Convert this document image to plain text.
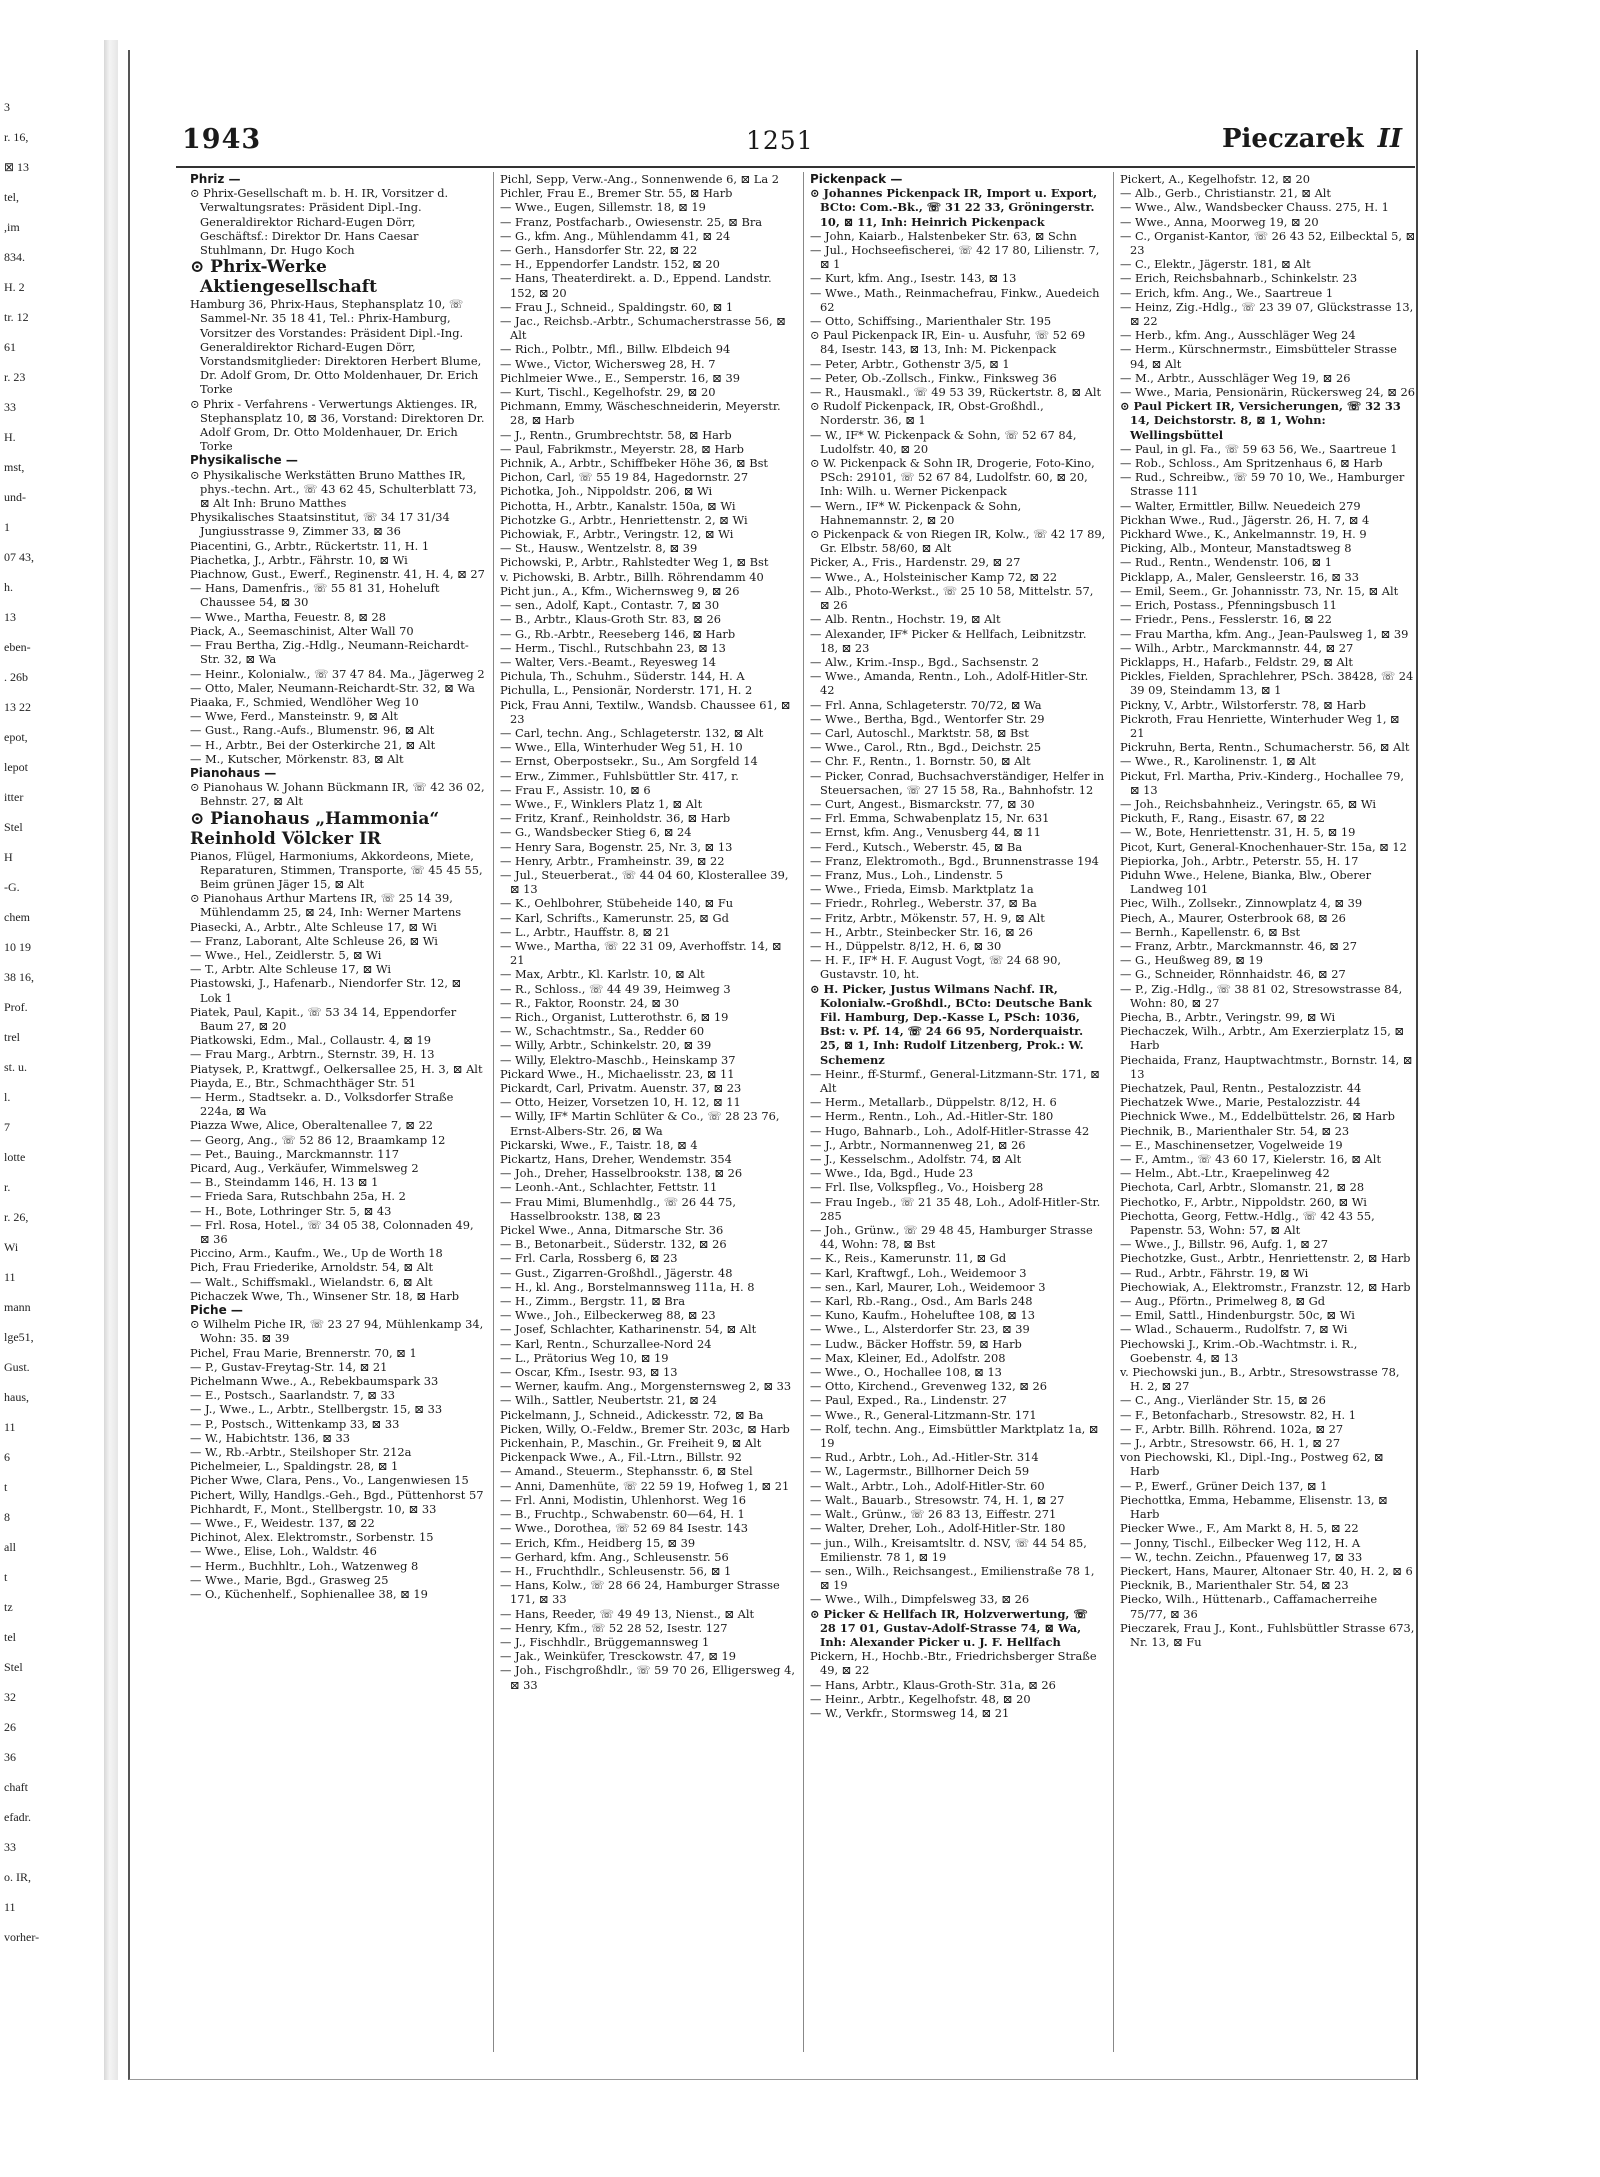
3
r. 16,
⊠ 13
tel,
,im
834.
H. 2
tr. 12
61
r. 23
33
H.
mst,
und-
1
07 43,
h.
13
eben-
. 26b
13 22
epot,
lepot
itter
Stel
H
-G.
chem
10 19
38 16,
Prof.
trel
st. u.
l.
7
lotte
r.
r. 26,
Wi
11
mann
lge51,
Gust.
haus,
11
6
t
8
all
t
tz
tel
Stel
32
26
36
chaft
efadr.
33
o. IR,
11
vorher-
1943	1251	Pieczarek II

Phriz —

⊙ Phrix-Gesellschaft m. b. H. IR, Vorsitzer d. Verwaltungsrates: Präsident Dipl.-Ing. Generaldirektor Richard-Eugen Dörr, Geschäftsf.: Direktor Dr. Hans Caesar Stuhlmann, Dr. Hugo Koch

⊙ Phrix-Werke Aktiengesellschaft

Hamburg 36, Phrix-Haus, Stephansplatz 10, ☏ Sammel-Nr. 35 18 41, Tel.: Phrix-Hamburg, Vorsitzer des Vorstandes: Präsident Dipl.-Ing. Generaldirektor Richard-Eugen Dörr, Vorstandsmitglieder: Direktoren Herbert Blume, Dr. Adolf Grom, Dr. Otto Moldenhauer, Dr. Erich Torke

⊙ Phrix - Verfahrens - Verwertungs Aktienges. IR, Stephansplatz 10, ⊠ 36, Vorstand: Direktoren Dr. Adolf Grom, Dr. Otto Moldenhauer, Dr. Erich Torke

Physikalische —

⊙ Physikalische Werkstätten Bruno Matthes IR, phys.-techn. Art., ☏ 43 62 45, Schulterblatt 73, ⊠ Alt Inh: Bruno Matthes

Physikalisches Staatsinstitut, ☏ 34 17 31/34 Jungiusstrasse 9, Zimmer 33, ⊠ 36

Piacentini, G., Arbtr., Rückertstr. 11, H. 1

Piachetka, J., Arbtr., Fährstr. 10, ⊠ Wi

Piachnow, Gust., Ewerf., Reginenstr. 41, H. 4, ⊠ 27

— Hans, Damenfris., ☏ 55 81 31, Hoheluft Chaussee 54, ⊠ 30

— Wwe., Martha, Feuestr. 8, ⊠ 28

Piack, A., Seemaschinist, Alter Wall 70

— Frau Bertha, Zig.-Hdlg., Neumann-Reichardt-Str. 32, ⊠ Wa

— Heinr., Kolonialw., ☏ 37 47 84. Ma., Jägerweg 2

— Otto, Maler, Neumann-Reichardt-Str. 32, ⊠ Wa

Piaaka, F., Schmied, Wendlöher Weg 10

— Wwe, Ferd., Mansteinstr. 9, ⊠ Alt

— Gust., Rang.-Aufs., Blumenstr. 96, ⊠ Alt

— H., Arbtr., Bei der Osterkirche 21, ⊠ Alt

— M., Kutscher, Mörkenstr. 83, ⊠ Alt

Pianohaus —

⊙ Pianohaus W. Johann Bückmann IR, ☏ 42 36 02, Behnstr. 27, ⊠ Alt

⊙ Pianohaus „Hammonia“

Reinhold Völcker IR

Pianos, Flügel, Harmoniums, Akkordeons, Miete, Reparaturen, Stimmen, Transporte, ☏ 45 45 55, Beim grünen Jäger 15, ⊠ Alt

⊙ Pianohaus Arthur Martens IR, ☏ 25 14 39, Mühlendamm 25, ⊠ 24, Inh: Werner Martens

Piasecki, A., Arbtr., Alte Schleuse 17, ⊠ Wi

— Franz, Laborant, Alte Schleuse 26, ⊠ Wi

— Wwe., Hel., Zeidlerstr. 5, ⊠ Wi

— T., Arbtr. Alte Schleuse 17, ⊠ Wi

Piastowski, J., Hafenarb., Niendorfer Str. 12, ⊠ Lok 1

Piatek, Paul, Kapit., ☏ 53 34 14, Eppendorfer Baum 27, ⊠ 20

Piatkowski, Edm., Mal., Collaustr. 4, ⊠ 19

— Frau Marg., Arbtrn., Sternstr. 39, H. 13

Piatysek, P., Krattwgf., Oelkersallee 25, H. 3, ⊠ Alt

Piayda, E., Btr., Schmachthäger Str. 51

— Herm., Stadtsekr. a. D., Volksdorfer Straße 224a, ⊠ Wa

Piazza Wwe, Alice, Oberaltenallee 7, ⊠ 22

— Georg, Ang., ☏ 52 86 12, Braamkamp 12

— Pet., Bauing., Marckmannstr. 117

Picard, Aug., Verkäufer, Wimmelsweg 2

— B., Steindamm 146, H. 13 ⊠ 1

— Frieda Sara, Rutschbahn 25a, H. 2

— H., Bote, Lothringer Str. 5, ⊠ 43

— Frl. Rosa, Hotel., ☏ 34 05 38, Colonnaden 49, ⊠ 36

Piccino, Arm., Kaufm., We., Up de Worth 18

Pich, Frau Friederike, Arnoldstr. 54, ⊠ Alt

— Walt., Schiffsmakl., Wielandstr. 6, ⊠ Alt

Pichaczek Wwe, Th., Winsener Str. 18, ⊠ Harb

Piche —

⊙ Wilhelm Piche IR, ☏ 23 27 94, Mühlenkamp 34, Wohn: 35. ⊠ 39

Pichel, Frau Marie, Brennerstr. 70, ⊠ 1

— P., Gustav-Freytag-Str. 14, ⊠ 21

Pichelmann Wwe., A., Rebekbaumspark 33

— E., Postsch., Saarlandstr. 7, ⊠ 33

— J., Wwe., L., Arbtr., Stellbergstr. 15, ⊠ 33

— P., Postsch., Wittenkamp 33, ⊠ 33

— W., Habichtstr. 136, ⊠ 33

— W., Rb.-Arbtr., Steilshoper Str. 212a

Pichelmeier, L., Spaldingstr. 28, ⊠ 1

Picher Wwe, Clara, Pens., Vo., Langenwiesen 15

Pichert, Willy, Handlgs.-Geh., Bgd., Püttenhorst 57

Pichhardt, F., Mont., Stellbergstr. 10, ⊠ 33

— Wwe., F., Weidestr. 137, ⊠ 22

Pichinot, Alex. Elektromstr., Sorbenstr. 15

— Wwe., Elise, Loh., Waldstr. 46

— Herm., Buchhltr., Loh., Watzenweg 8

— Wwe., Marie, Bgd., Grasweg 25

— O., Küchenhelf., Sophienallee 38, ⊠ 19

Pichl, Sepp, Verw.-Ang., Sonnenwende 6, ⊠ La 2

Pichler, Frau E., Bremer Str. 55, ⊠ Harb

— Wwe., Eugen, Sillemstr. 18, ⊠ 19

— Franz, Postfacharb., Owiesenstr. 25, ⊠ Bra

— G., kfm. Ang., Mühlendamm 41, ⊠ 24

— Gerh., Hansdorfer Str. 22, ⊠ 22

— H., Eppendorfer Landstr. 152, ⊠ 20

— Hans, Theaterdirekt. a. D., Eppend. Landstr. 152, ⊠ 20

— Frau J., Schneid., Spaldingstr. 60, ⊠ 1

— Jac., Reichsb.-Arbtr., Schumacherstrasse 56, ⊠ Alt

— Rich., Polbtr., Mfl., Billw. Elbdeich 94

— Wwe., Victor, Wichersweg 28, H. 7

Pichlmeier Wwe., E., Semperstr. 16, ⊠ 39

— Kurt, Tischl., Kegelhofstr. 29, ⊠ 20

Pichmann, Emmy, Wäscheschneiderin, Meyerstr. 28, ⊠ Harb

— J., Rentn., Grumbrechtstr. 58, ⊠ Harb

— Paul, Fabrikmstr., Meyerstr. 28, ⊠ Harb

Pichnik, A., Arbtr., Schiffbeker Höhe 36, ⊠ Bst

Pichon, Carl, ☏ 55 19 84, Hagedornstr. 27

Pichotka, Joh., Nippoldstr. 206, ⊠ Wi

Pichotta, H., Arbtr., Kanalstr. 150a, ⊠ Wi

Pichotzke G., Arbtr., Henriettenstr. 2, ⊠ Wi

Pichowiak, F., Arbtr., Veringstr. 12, ⊠ Wi

— St., Hausw., Wentzelstr. 8, ⊠ 39

Pichowski, P., Arbtr., Rahlstedter Weg 1, ⊠ Bst

v. Pichowski, B. Arbtr., Billh. Röhrendamm 40

Picht jun., A., Kfm., Wichernsweg 9, ⊠ 26

— sen., Adolf, Kapt., Contastr. 7, ⊠ 30

— B., Arbtr., Klaus-Groth Str. 83, ⊠ 26

— G., Rb.-Arbtr., Reeseberg 146, ⊠ Harb

— Herm., Tischl., Rutschbahn 23, ⊠ 13

— Walter, Vers.-Beamt., Reyesweg 14

Pichula, Th., Schuhm., Süderstr. 144, H. A

Pichulla, L., Pensionär, Norderstr. 171, H. 2

Pick, Frau Anni, Textilw., Wandsb. Chaussee 61, ⊠ 23

— Carl, techn. Ang., Schlageterstr. 132, ⊠ Alt

— Wwe., Ella, Winterhuder Weg 51, H. 10

— Ernst, Oberpostsekr., Su., Am Sorgfeld 14

— Erw., Zimmer., Fuhlsbüttler Str. 417, r.

— Frau F., Assistr. 10, ⊠ 6

— Wwe., F., Winklers Platz 1, ⊠ Alt

— Fritz, Kranf., Reinholdstr. 36, ⊠ Harb

— G., Wandsbecker Stieg 6, ⊠ 24

— Henry Sara, Bogenstr. 25, Nr. 3, ⊠ 13

— Henry, Arbtr., Framheinstr. 39, ⊠ 22

— Jul., Steuerberat., ☏ 44 04 60, Klosterallee 39, ⊠ 13

— K., Oehlbohrer, Stübeheide 140, ⊠ Fu

— Karl, Schrifts., Kamerunstr. 25, ⊠ Gd

— L., Arbtr., Hauffstr. 8, ⊠ 21

— Wwe., Martha, ☏ 22 31 09, Averhoffstr. 14, ⊠ 21

— Max, Arbtr., Kl. Karlstr. 10, ⊠ Alt

— R., Schloss., ☏ 44 49 39, Heimweg 3

— R., Faktor, Roonstr. 24, ⊠ 30

— Rich., Organist, Lutterothstr. 6, ⊠ 19

— W., Schachtmstr., Sa., Redder 60

— Willy, Arbtr., Schinkelstr. 20, ⊠ 39

— Willy, Elektro-Maschb., Heinskamp 37

Pickard Wwe., H., Michaelisstr. 23, ⊠ 11

Pickardt, Carl, Privatm. Auenstr. 37, ⊠ 23

— Otto, Heizer, Vorsetzen 10, H. 12, ⊠ 11

— Willy, IF* Martin Schlüter & Co., ☏ 28 23 76, Ernst-Albers-Str. 26, ⊠ Wa

Pickarski, Wwe., F., Taistr. 18, ⊠ 4

Pickartz, Hans, Dreher, Wendemstr. 354

— Joh., Dreher, Hasselbrookstr. 138, ⊠ 26

— Leonh.-Ant., Schlachter, Fettstr. 11

— Frau Mimi, Blumenhdlg., ☏ 26 44 75, Hasselbrookstr. 138, ⊠ 23

Pickel Wwe., Anna, Ditmarsche Str. 36

— B., Betonarbeit., Süderstr. 132, ⊠ 26

— Frl. Carla, Rossberg 6, ⊠ 23

— Gust., Zigarren-Großhdl., Jägerstr. 48

— H., kl. Ang., Borstelmannsweg 111a, H. 8

— H., Zimm., Bergstr. 11, ⊠ Bra

— Wwe., Joh., Eilbeckerweg 88, ⊠ 23

— Josef, Schlachter, Katharinenstr. 54, ⊠ Alt

— Karl, Rentn., Schurzallee-Nord 24

— L., Prätorius Weg 10, ⊠ 19

— Oscar, Kfm., Isestr. 93, ⊠ 13

— Werner, kaufm. Ang., Morgensternsweg 2, ⊠ 33

— Wilh., Sattler, Neubertstr. 21, ⊠ 24

Pickelmann, J., Schneid., Adickesstr. 72, ⊠ Ba

Picken, Willy, O.-Feldw., Bremer Str. 203c, ⊠ Harb

Pickenhain, P., Maschin., Gr. Freiheit 9, ⊠ Alt

Pickenpack Wwe., A., Fil.-Ltrn., Billstr. 92

— Amand., Steuerm., Stephansstr. 6, ⊠ Stel

— Anni, Damenhüte, ☏ 22 59 19, Hofweg 1, ⊠ 21

— Frl. Anni, Modistin, Uhlenhorst. Weg 16

— B., Fruchtp., Schwabenstr. 60—64, H. 1

— Wwe., Dorothea, ☏ 52 69 84 Isestr. 143

— Erich, Kfm., Heidberg 15, ⊠ 39

— Gerhard, kfm. Ang., Schleusenstr. 56

— H., Fruchthdlr., Schleusenstr. 56, ⊠ 1

— Hans, Kolw., ☏ 28 66 24, Hamburger Strasse 171, ⊠ 33

— Hans, Reeder, ☏ 49 49 13, Nienst., ⊠ Alt

— Henry, Kfm., ☏ 52 28 52, Isestr. 127

— J., Fischhdlr., Brüggemannsweg 1

— Jak., Weinküfer, Tresckowstr. 47, ⊠ 19

— Joh., Fischgroßhdlr., ☏ 59 70 26, Elligersweg 4, ⊠ 33

Pickenpack —

⊙ Johannes Pickenpack IR, Import u. Export, BCto: Com.-Bk., ☏ 31 22 33, Gröningerstr. 10, ⊠ 11, Inh: Heinrich Pickenpack

— John, Kaiarb., Halstenbeker Str. 63, ⊠ Schn

— Jul., Hochseefischerei, ☏ 42 17 80, Lilienstr. 7, ⊠ 1

— Kurt, kfm. Ang., Isestr. 143, ⊠ 13

— Wwe., Math., Reinmachefrau, Finkw., Auedeich 62

— Otto, Schiffsing., Marienthaler Str. 195

⊙ Paul Pickenpack IR, Ein- u. Ausfuhr, ☏ 52 69 84, Isestr. 143, ⊠ 13, Inh: M. Pickenpack

— Peter, Arbtr., Gothenstr 3/5, ⊠ 1

— Peter, Ob.-Zollsch., Finkw., Finksweg 36

— R., Hausmakl., ☏ 49 53 39, Rückertstr. 8, ⊠ Alt

⊙ Rudolf Pickenpack, IR, Obst-Großhdl., Norderstr. 36, ⊠ 1

— W., IF* W. Pickenpack & Sohn, ☏ 52 67 84, Ludolfstr. 40, ⊠ 20

⊙ W. Pickenpack & Sohn IR, Drogerie, Foto-Kino, PSch: 29101, ☏ 52 67 84, Ludolfstr. 60, ⊠ 20, Inh: Wilh. u. Werner Pickenpack

— Wern., IF* W. Pickenpack & Sohn, Hahnemannstr. 2, ⊠ 20

⊙ Pickenpack & von Riegen IR, Kolw., ☏ 42 17 89, Gr. Elbstr. 58/60, ⊠ Alt

Picker, A., Fris., Hardenstr. 29, ⊠ 27

— Wwe., A., Holsteinischer Kamp 72, ⊠ 22

— Alb., Photo-Werkst., ☏ 25 10 58, Mittelstr. 57, ⊠ 26

— Alb. Rentn., Hochstr. 19, ⊠ Alt

— Alexander, IF* Picker & Hellfach, Leibnitzstr. 18, ⊠ 23

— Alw., Krim.-Insp., Bgd., Sachsenstr. 2

— Wwe., Amanda, Rentn., Loh., Adolf-Hitler-Str. 42

— Frl. Anna, Schlageterstr. 70/72, ⊠ Wa

— Wwe., Bertha, Bgd., Wentorfer Str. 29

— Carl, Autoschl., Marktstr. 58, ⊠ Bst

— Wwe., Carol., Rtn., Bgd., Deichstr. 25

— Chr. F., Rentn., 1. Bornstr. 50, ⊠ Alt

— Picker, Conrad, Buchsachverständiger, Helfer in Steuersachen, ☏ 27 15 58, Ra., Bahnhofstr. 12

— Curt, Angest., Bismarckstr. 77, ⊠ 30

— Frl. Emma, Schwabenplatz 15, Nr. 631

— Ernst, kfm. Ang., Venusberg 44, ⊠ 11

— Ferd., Kutsch., Weberstr. 45, ⊠ Ba

— Franz, Elektromoth., Bgd., Brunnenstrasse 194

— Franz, Mus., Loh., Lindenstr. 5

— Wwe., Frieda, Eimsb. Marktplatz 1a

— Friedr., Rohrleg., Weberstr. 37, ⊠ Ba

— Fritz, Arbtr., Mökenstr. 57, H. 9, ⊠ Alt

— H., Arbtr., Steinbecker Str. 16, ⊠ 26

— H., Düppelstr. 8/12, H. 6, ⊠ 30

— H. F., IF* H. F. August Vogt, ☏ 24 68 90, Gustavstr. 10, ht.

⊙ H. Picker, Justus Wilmans Nachf. IR, Kolonialw.-Großhdl., BCto: Deutsche Bank Fil. Hamburg, Dep.-Kasse L, PSch: 1036, Bst: v. Pf. 14, ☏ 24 66 95, Norderquaistr. 25, ⊠ 1, Inh: Rudolf Litzenberg, Prok.: W. Schemenz

— Heinr., ff-Sturmf., General-Litzmann-Str. 171, ⊠ Alt

— Herm., Metallarb., Düppelstr. 8/12, H. 6

— Herm., Rentn., Loh., Ad.-Hitler-Str. 180

— Hugo, Bahnarb., Loh., Adolf-Hitler-Strasse 42

— J., Arbtr., Normannenweg 21, ⊠ 26

— J., Kesselschm., Adolfstr. 74, ⊠ Alt

— Wwe., Ida, Bgd., Hude 23

— Frl. Ilse, Volkspfleg., Vo., Hoisberg 28

— Frau Ingeb., ☏ 21 35 48, Loh., Adolf-Hitler-Str. 285

— Joh., Grünw., ☏ 29 48 45, Hamburger Strasse 44, Wohn: 78, ⊠ Bst

— K., Reis., Kamerunstr. 11, ⊠ Gd

— Karl, Kraftwgf., Loh., Weidemoor 3

— sen., Karl, Maurer, Loh., Weidemoor 3

— Karl, Rb.-Rang., Osd., Am Barls 248

— Kuno, Kaufm., Hoheluftee 108, ⊠ 13

— Wwe., L., Alsterdorfer Str. 23, ⊠ 39

— Ludw., Bäcker Hoffstr. 59, ⊠ Harb

— Max, Kleiner, Ed., Adolfstr. 208

— Wwe., O., Hochallee 108, ⊠ 13

— Otto, Kirchend., Grevenweg 132, ⊠ 26

— Paul, Exped., Ra., Lindenstr. 27

— Wwe., R., General-Litzmann-Str. 171

— Rolf, techn. Ang., Eimsbüttler Marktplatz 1a, ⊠ 19

— Rud., Arbtr., Loh., Ad.-Hitler-Str. 314

— W., Lagermstr., Billhorner Deich 59

— Walt., Arbtr., Loh., Adolf-Hitler-Str. 60

— Walt., Bauarb., Stresowstr. 74, H. 1, ⊠ 27

— Walt., Grünw., ☏ 26 83 13, Eiffestr. 271

— Walter, Dreher, Loh., Adolf-Hitler-Str. 180

— jun., Wilh., Kreisamtsltr. d. NSV, ☏ 44 54 85, Emilienstr. 78 1, ⊠ 19

— sen., Wilh., Reichsangest., Emilienstraße 78 1, ⊠ 19

— Wwe., Wilh., Dimpfelsweg 33, ⊠ 26

⊙ Picker & Hellfach IR, Holzverwertung, ☏ 28 17 01, Gustav-Adolf-Strasse 74, ⊠ Wa, Inh: Alexander Picker u. J. F. Hellfach

Pickern, H., Hochb.-Btr., Friedrichsberger Straße 49, ⊠ 22

— Hans, Arbtr., Klaus-Groth-Str. 31a, ⊠ 26

— Heinr., Arbtr., Kegelhofstr. 48, ⊠ 20

— W., Verkfr., Stormsweg 14, ⊠ 21

Pickert, A., Kegelhofstr. 12, ⊠ 20

— Alb., Gerb., Christianstr. 21, ⊠ Alt

— Wwe., Alw., Wandsbecker Chauss. 275, H. 1

— Wwe., Anna, Moorweg 19, ⊠ 20

— C., Organist-Kantor, ☏ 26 43 52, Eilbecktal 5, ⊠ 23

— C., Elektr., Jägerstr. 181, ⊠ Alt

— Erich, Reichsbahnarb., Schinkelstr. 23

— Erich, kfm. Ang., We., Saartreue 1

— Heinz, Zig.-Hdlg., ☏ 23 39 07, Glückstrasse 13, ⊠ 22

— Herb., kfm. Ang., Ausschläger Weg 24

— Herm., Kürschnermstr., Eimsbütteler Strasse 94, ⊠ Alt

— M., Arbtr., Ausschläger Weg 19, ⊠ 26

— Wwe., Maria, Pensionärin, Rückersweg 24, ⊠ 26

⊙ Paul Pickert IR, Versicherungen, ☏ 32 33 14, Deichstorstr. 8, ⊠ 1, Wohn: Wellingsbüttel

— Paul, in gl. Fa., ☏ 59 63 56, We., Saartreue 1

— Rob., Schloss., Am Spritzenhaus 6, ⊠ Harb

— Rud., Schreibw., ☏ 59 70 10, We., Hamburger Strasse 111

— Walter, Ermittler, Billw. Neuedeich 279

Pickhan Wwe., Rud., Jägerstr. 26, H. 7, ⊠ 4

Pickhard Wwe., K., Ankelmannstr. 19, H. 9

Picking, Alb., Monteur, Manstadtsweg 8

— Rud., Rentn., Wendenstr. 106, ⊠ 1

Picklapp, A., Maler, Gensleerstr. 16, ⊠ 33

— Emil, Seem., Gr. Johannisstr. 73, Nr. 15, ⊠ Alt

— Erich, Postass., Pfenningsbusch 11

— Friedr., Pens., Fesslerstr. 16, ⊠ 22

— Frau Martha, kfm. Ang., Jean-Paulsweg 1, ⊠ 39

— Wilh., Arbtr., Marckmannstr. 44, ⊠ 27

Picklapps, H., Hafarb., Feldstr. 29, ⊠ Alt

Pickles, Fielden, Sprachlehrer, PSch. 38428, ☏ 24 39 09, Steindamm 13, ⊠ 1

Pickny, V., Arbtr., Wilstorferstr. 78, ⊠ Harb

Pickroth, Frau Henriette, Winterhuder Weg 1, ⊠ 21

Pickruhn, Berta, Rentn., Schumacherstr. 56, ⊠ Alt

— Wwe., R., Karolinenstr. 1, ⊠ Alt

Pickut, Frl. Martha, Priv.-Kinderg., Hochallee 79, ⊠ 13

— Joh., Reichsbahnheiz., Veringstr. 65, ⊠ Wi

Pickuth, F., Rang., Eisastr. 67, ⊠ 22

— W., Bote, Henriettenstr. 31, H. 5, ⊠ 19

Picot, Kurt, General-Knochenhauer-Str. 15a, ⊠ 12

Piepiorka, Joh., Arbtr., Peterstr. 55, H. 17

Piduhn Wwe., Helene, Bianka, Blw., Oberer Landweg 101

Piec, Wilh., Zollsekr., Zinnowplatz 4, ⊠ 39

Piech, A., Maurer, Osterbrook 68, ⊠ 26

— Bernh., Kapellenstr. 6, ⊠ Bst

— Franz, Arbtr., Marckmannstr. 46, ⊠ 27

— G., Heußweg 89, ⊠ 19

— G., Schneider, Rönnhaidstr. 46, ⊠ 27

— P., Zig.-Hdlg., ☏ 38 81 02, Stresowstrasse 84, Wohn: 80, ⊠ 27

Piecha, B., Arbtr., Veringstr. 99, ⊠ Wi

Piechaczek, Wilh., Arbtr., Am Exerzierplatz 15, ⊠ Harb

Piechaida, Franz, Hauptwachtmstr., Bornstr. 14, ⊠ 13

Piechatzek, Paul, Rentn., Pestalozzistr. 44

Piechatzek Wwe., Marie, Pestalozzistr. 44

Piechnick Wwe., M., Eddelbüttelstr. 26, ⊠ Harb

Piechnik, B., Marienthaler Str. 54, ⊠ 23

— E., Maschinensetzer, Vogelweide 19

— F., Amtm., ☏ 43 60 17, Kielerstr. 16, ⊠ Alt

— Helm., Abt.-Ltr., Kraepelinweg 42

Piechota, Carl, Arbtr., Slomanstr. 21, ⊠ 28

Piechotko, F., Arbtr., Nippoldstr. 260, ⊠ Wi

Piechotta, Georg, Fettw.-Hdlg., ☏ 42 43 55, Papenstr. 53, Wohn: 57, ⊠ Alt

— Wwe., J., Billstr. 96, Aufg. 1, ⊠ 27

Piechotzke, Gust., Arbtr., Henriettenstr. 2, ⊠ Harb

— Rud., Arbtr., Fährstr. 19, ⊠ Wi

Piechowiak, A., Elektromstr., Franzstr. 12, ⊠ Harb

— Aug., Pförtn., Primelweg 8, ⊠ Gd

— Emil, Sattl., Hindenburgstr. 50c, ⊠ Wi

— Wlad., Schauerm., Rudolfstr. 7, ⊠ Wi

Piechowski J., Krim.-Ob.-Wachtmstr. i. R., Goebenstr. 4, ⊠ 13

v. Piechowski jun., B., Arbtr., Stresowstrasse 78, H. 2, ⊠ 27

— C., Ang., Vierländer Str. 15, ⊠ 26

— F., Betonfacharb., Stresowstr. 82, H. 1

— F., Arbtr. Billh. Röhrend. 102a, ⊠ 27

— J., Arbtr., Stresowstr. 66, H. 1, ⊠ 27

von Piechowski, Kl., Dipl.-Ing., Postweg 62, ⊠ Harb

— P., Ewerf., Grüner Deich 137, ⊠ 1

Piechottka, Emma, Hebamme, Elisenstr. 13, ⊠ Harb

Piecker Wwe., F., Am Markt 8, H. 5, ⊠ 22

— Jonny, Tischl., Eilbecker Weg 112, H. A

— W., techn. Zeichn., Pfauenweg 17, ⊠ 33

Pieckert, Hans, Maurer, Altonaer Str. 40, H. 2, ⊠ 6

Piecknik, B., Marienthaler Str. 54, ⊠ 23

Piecko, Wilh., Hüttenarb., Caffamacherreihe 75/77, ⊠ 36

Pieczarek, Frau J., Kont., Fuhlsbüttler Strasse 673, Nr. 13, ⊠ Fu
